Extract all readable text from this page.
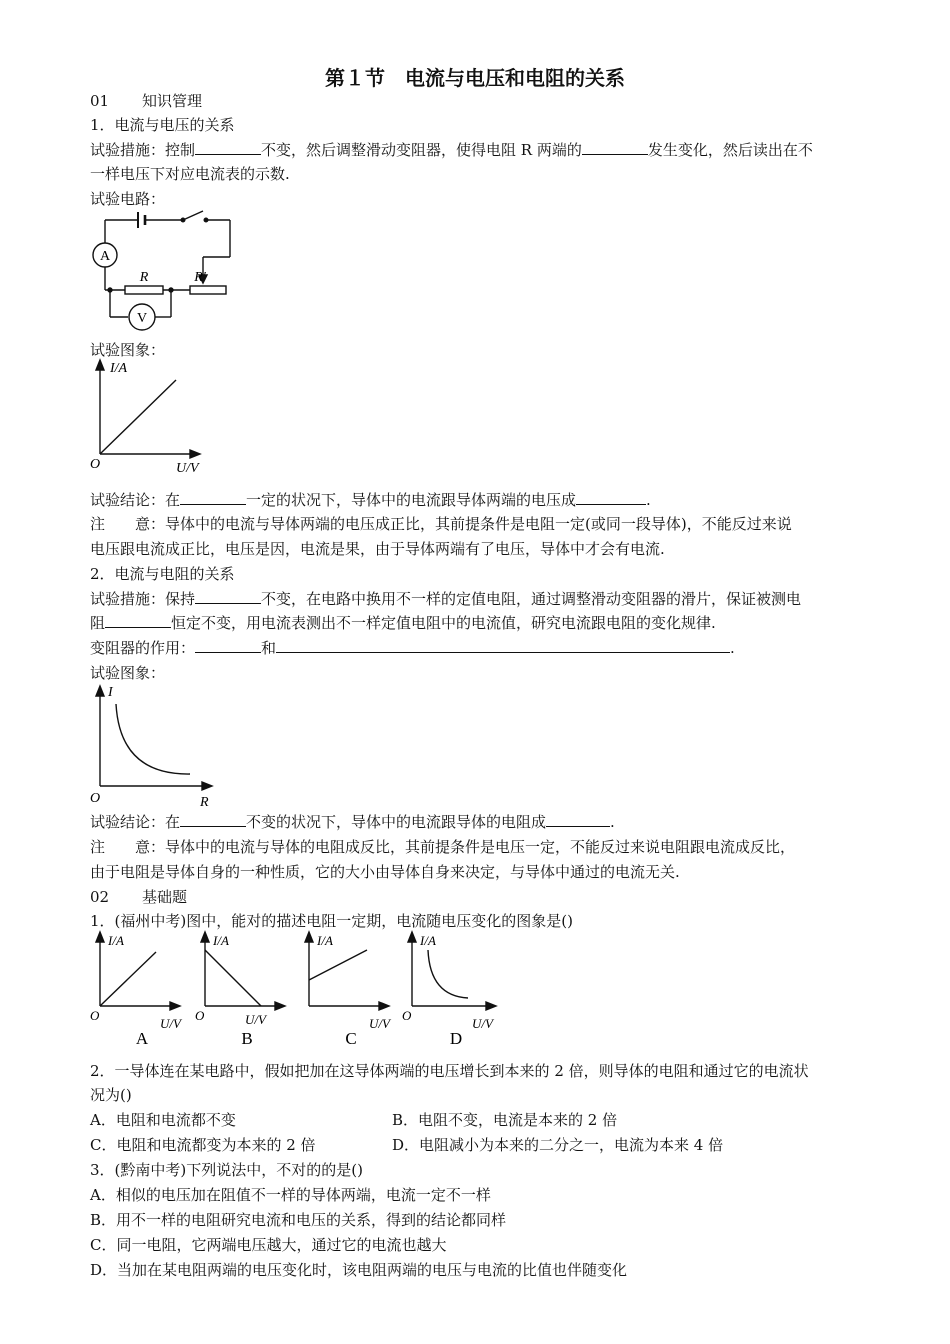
第１节　电流与电压和电阻的关系
01 知识管理
1．电流与电压的关系
试验措施：控制	不变，然后调整滑动变阻器，使得电阻 R 两端的	发生变化，然后读出在不
一样电压下对应电流表的示数.
试验电路：
A
V
R	R′
试验图象：
I/A
U/V
O
试验结论：在	一定的状况下，导体中的电流跟导体两端的电压成	.
注　　意：导体中的电流与导体两端的电压成正比，其前提条件是电阻一定(或同一段导体)，不能反过来说
电压跟电流成正比，电压是因，电流是果，由于导体两端有了电压，导体中才会有电流.
2．电流与电阻的关系
试验措施：保持	不变，在电路中换用不一样的定值电阻，通过调整滑动变阻器的滑片，保证被测电
阻	恒定不变，用电流表测出不一样定值电阻中的电流值，研究电流跟电阻的变化规律.
变阻器的作用：	和	.
试验图象：
I
R
O
试验结论：在	不变的状况下，导体中的电流跟导体的电阻成	.
注　　意：导体中的电流与导体的电阻成反比，其前提条件是电压一定，不能反过来说电阻跟电流成反比，
由于电阻是导体自身的一种性质，它的大小由导体自身来决定，与导体中通过的电流无关.
02 基础题
1．(福州中考)图中，能对的描述电阻一定期，电流随电压变化的图象是()
I/A
U/V
O
A
I/A
U/V
O
B
I/A
U/V
C
I/A
U/V
O
D
2．一导体连在某电路中，假如把加在这导体两端的电压增长到本来的 2 倍，则导体的电阻和通过它的电流状
况为()
A．电阻和电流都不变	B．电阻不变，电流是本来的 2 倍
C．电阻和电流都变为本来的 2 倍	D．电阻减小为本来的二分之一，电流为本来 4 倍
3．(黔南中考)下列说法中，不对的的是()
A．相似的电压加在阻值不一样的导体两端，电流一定不一样
B．用不一样的电阻研究电流和电压的关系，得到的结论都同样
C．同一电阻，它两端电压越大，通过它的电流也越大
D．当加在某电阻两端的电压变化时，该电阻两端的电压与电流的比值也伴随变化
